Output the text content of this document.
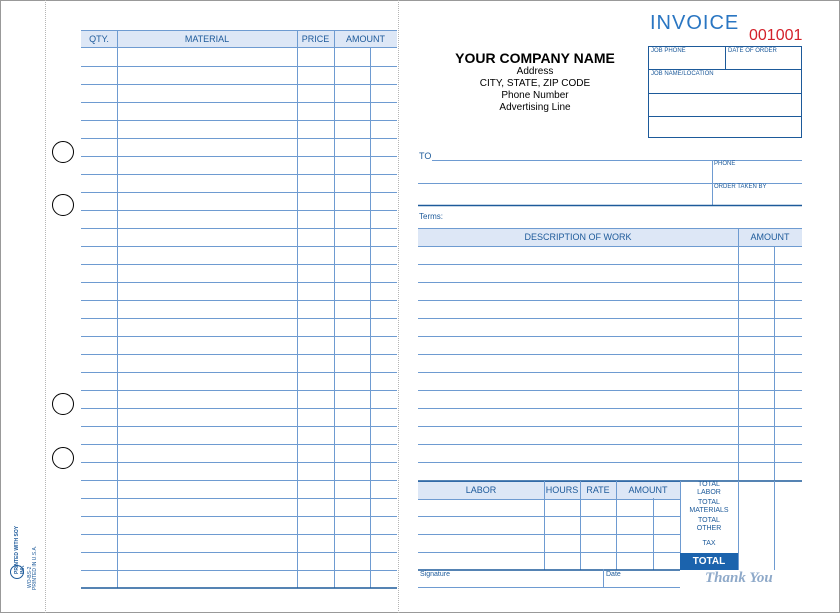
PRINTED WITH SOY INK WO-BS-2 PRINTED IN U.S.A.
QTY.	MATERIAL	PRICE	AMOUNT
INVOICE
001001
YOUR COMPANY NAME
Address
CITY, STATE, ZIP CODE
Phone Number
Advertising Line
JOB PHONE	DATE OF ORDER
JOB NAME/LOCATION
TO
PHONE
ORDER TAKEN BY
Terms:
DESCRIPTION OF WORK	AMOUNT
LABOR	HOURS RATE	AMOUNT
TOTAL
LABOR
TOTAL
MATERIALS
TOTAL
OTHER
TAX
TOTAL
Signature	Date	Thank You
